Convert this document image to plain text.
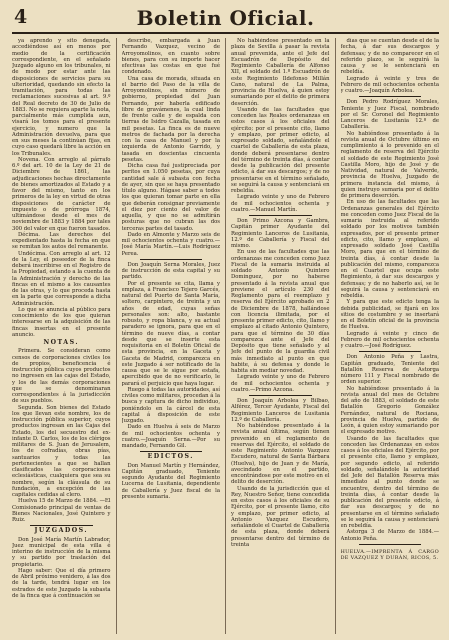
4	Boletin Oficial.

ya aprendo y sito denegada, accediéndose así en menos por medio de la certificación correspondiente, en el señalado Juzgado alguno en los tribunales, ni de modo por estar ante las disposiciones de servicios para su ulterioridad, quedando sin efecto la tramitación, para todas las reclamaciones sucesivas al art. 9.º del Real decreto de 30 de Julio de 1883. No se requiera aparte la nota, parcialmente más cumplida aun, visará los tomos para el presente ejercicio, y numero que la Administración devuelva, para que en sus meses la continúan fijas, en cuyo caso quedará libre la acción en los Tribunales.

Novena. Con arreglo al párrafo 6.º del art. 10 de la Ley de 21 de Diciembre de 1861, las adjudicaciones hechas directamente de bienes amortizados al Estado y a favor del mismo, tanto en los primeros de la ley en virtud de otras disposiciones de carácter de impuesto o de prórroga 1874, ultimándose desde el mes de noviembre de 1883 y 1884 por tales 300 del valor en que fueron tasados.

Décima. Las derechos del expedientado hasta la fecha en que se remitan los autos del remanente.

Undécima. Con arreglo al art. 12 de la Ley, el poseedor de la finca deberá inscribirse en el Registro de la Propiedad, estando a la cuenta de la Administración y derecho de las fincas en el mismo a los causantes de las otras, y lo que proceda hasta en la parte que corresponde a dicha Administración.

Lo que se anuncia al público para conocimiento de los que quieran interesarse en la adquisición de las fincas insertas en el presente anuncio.

NOTAS.

Primera. Se consideran como censos de corporaciones civiles los de propios, beneficencia é instrucción pública cuyos productos no ingresen en las cajas del Estado, y los de las demás corporaciones que se denominaran correspondientes á la jurisdicción de sus pueblos.

Segunda. Son bienes del Estado los que llevan este nombre, los de instrucción pública superior, cuyos productos ingresan en las Cajas del Estado, los del secuestro del ex-infante D. Carlos, los de los clérigos militares de S. Juan de Jerusalem, los de cofradías, obras pías, santuarios y todas las pertenecientes a que se hallan clasificados las corporaciones eclesiásticas, cualquiera que sea su nombre, según la cláusula de su fundación, a excepción de las capitales cedidas al clero.

Huelva 15 de Marzo de 1884. —El Comisionado principal de ventas de Bienes Nacionales, José Quintero y Ruiz.

JUZGADOS.

Don José María Martín Labrador, Juez municipal de esta villa é interino de instrucción de la misma y su partido por traslación del propietario.

Hago saber: Que el día primero de Abril próximo venidero, á las dos de la tarde, tendrá lugar en los estrados de este Juzgado la subasta de la finca que á continuación se

describe, embargada á Juan Fernando Vazquez, vecino de Arroyomolinos, en cuanto sobre bienes, para con su importe hacer efectivas las costas en que fué condenado.

Una casa de morada, situada en el barrio del Paso de la villa de Arroyomolinos, sin número de gobierno, propiedad del Juan Fernando, por haberla edificado libre de gravámenes, la cual linda de frente calle y de espalda con tierras de Isidro Cazalla, tasada en mil pesetas. La finca es de nueve metros de fachada por la derecha con la casa de Manuel y por la izquierda de Antonio Garrido, y tasada en doscientas cincuenta pesetas.

Dicha casa fué justipreciada por peritos en 1.050 pesetas, por cuya cantidad sale á subasta con fecha de ayer, sin que se haya presentado título alguno. Hágase saber a todos los que quieran tomar parte en ella que deberán consignar previamente el diez por ciento del valor de aquella, y que no se admitirán posturas que no cubran las dos terceras partes del tasado.

Dado en Almonte y Marzo seis de mil ochocientos ochenta y cuatro.—José María Martín.—Luis Rodríguez Perea.

Don Joaquín Serna Morales, Juez de instrucción de esta capital y su partido.

Por el presente se cita, llama y emplaza, á Francisco Tejero Garcés, natural del Puerto de Santa María, soltero, carpintero, de treinta y un años de edad, cuyas señas personales son: alto, bastante robusto, y ropa blanca, y su actual paradero se ignora, para que en el término de nueve días, a contar desde que se inserte esta requisitoria en el Boletín Oficial de esta provincia, en la Gaceta y Gaceta de Madrid, comparezca en este Juzgado á ser notificado de la causa que se le sigue por estafa, apercibido que de no verificarlo, le parará el perjuicio que haya lugar.

Ruego á todas las autoridades, así civiles como militares, procedan á la busca y captura de dicho individuo, poniéndolo en la cárcel de esta capital á disposición de este Juzgado.

Dado en Huelva á seis de Marzo de mil ochocientos ochenta y cuatro.—Joaquín Serna.—Por su mandado, Fernando Gil.

EDICTOS.

Don Manuel Martín y Hernández, Capitán graduado, Teniente segundo Ayudante del Regimiento Lucerna de Lusitania, dependiente de Caballería y Juez fiscal de la presente sumaria.

No habiéndose presentado en la plaza de Sevilla á pasar la revista anual prevenida, ante el Jefe del Escuadrón de Depósito del Regimiento Caballería de Alfonso XII, el soldado del 1.º Escuadrón de este Regimiento Ildefonso Millán Cano, natural de La Palma, provincia de Huelva, á quien estoy sumariando por el delito de primera deserción.

Usando de las facultades que conceden las Reales ordenanzas en estos casos á los oficiales del ejército; por el presente cito, llamo y emplazo, por primer edicto, al expresado soldado, señalándole el cuartel de Caballería de esta plaza, donde deberá presentarse dentro del término de treinta días, á contar desde la publicación del presente edicto, á dar sus descargos; y de no presentarse en el término señalado, se seguirá la causa y sentenciará en rebeldía.

Legrado veinte y uno de Febrero de mil ochocientos ochenta y cuatro.—Manuel Martín.

Don Primo Azcona y Gambra, Capitán primer Ayudante del Regimiento Lanceros de Lusitania, 12.º de Caballería y Fiscal del mismo.

En uso de las facultades que las ordenanzas me conceden como Juez Fiscal de la sumaria instruida al soldado Antonio Quintero Dominguez, por no haberse presentado á la revista anual que previene el artículo 230 del Reglamento para el reemplazo y reserva del Ejército aprobado en 2 de Diciembre de 1878, hallándose con licencia ilimitada, por el presente primer edicto, cito, llamo y emplazo al citado Antonio Quintero, para que el término de 30 días comparezca ante el Jefe del Depósito que tiene señalado y al Jefe del punto de la guardia civil más inmediato al punto en que habite, á su defensa y donde le habita sin mediar novedad.

Legrado veinte y uno de Febrero de mil ochocientos ochenta y cuatro.—Primo Azcona.

Don Joaquín Arbolea y Bilbao, Alférez, Tercer Ayudante, Fiscal del Regimiento Lanceros de Lusitania 12.º de Caballería.

No habiéndose presentado á la revista anual última, según tienen prevenido en el reglamento de reservas del Ejército, el soldado de este Regimiento Antonio Vazquez Escudero, natural de Santa Bárbara (Huelva), hijo de Juan y de María, avecindado en el partido, encontrándose por este motivo en el delito de deserción.

Usando de la jurisdicción que el Rey, Nuestro Señor, tiene concedida en estos casos á los oficiales de su Ejército, por el presente llamo, cito y emplazo, por primer edicto, al Antonio Vazquez Escudero, señalándole el Cuartel de Caballería de esta plaza, donde deberá presentarse dentro del término de treinta

días que se cuentan desde el de la fecha, á dar sus descargos y defensas; y de no comparecer en el referido plazo, se le seguirá la causa y se le sentenciará en rebeldía.

Legrado á veinte y tres de Febrero de mil ochocientos ochenta y cuatro.—Joaquín Arbolea.

Don Pedro Rodríguez Morales, Teniente y Juez Fiscal, nombrado por el Sr. Coronel del Regimiento Lanceros de Lusitania 12.º de Caballería.

No habiéndose presentado á la revista anual de Octubre último en cumplimiento á lo prevenido en el reglamento de reserva del Ejército el soldado de este Regimiento José Castilla Moro, hijo de José y de Natividad, natural de Valverde, provincia de Huelva, Juzgado de primera instancia del mismo, á quien instruyo sumaria por el delito de primera deserción.

En uso de las facultades que las Ordenanzas generales del Ejército me conceden como Juez Fiscal de la sumaria instruida al referido soldado por los motivos también expresados, por el presente primer edicto, cito, llamo y emplazo, al expresado soldado José Castilla Moro, para que en el término de treinta días, á contar desde la publicación del mismo, comparezca en el Cuartel que ocupa este Regimiento, á dar sus descargos y defensas; y de no haberlo así, se le seguirá la causa y sentenciará en rebeldía.

Y para que este edicto tenga la debida publicidad, se fijará en los sitios de costumbre y se insertará en el Boletín oficial de la provincia de Huelva.

Legrado á veinte y cinco de Febrero de mil ochocientos ochenta y cuatro.—José Rodríguez.

Don Antonio Peña y Lastra, Capitán graduado, Teniente del Batallón Reserva de Astorga número 111 y Fiscal nombrado de orden superior.

No habiéndose presentado á la revista anual del mes de Octubre del año de 1883, el soldado de este Batallón Gregorio González Fernández, natural de Rociana, provincia de Huelva, partido de León, á quien estoy sumariando por el expresado motivo.

Usando de las facultades que conceden las Ordenanzas en estos casos á los oficiales del Ejército, por el presente cito, llamo y emplazo, por segundo edicto, al referido soldado, señalándole la autoridad del Jefe del Batallón Reserva más inmediato al punto donde se encuentre, dentro del término de treinta días, á contar desde la publicación del presente edicto, á dar sus descargos; y de no presentarse en el término señalado se le seguirá la causa y sentenciará en rebeldía.

Astorga 3 de Marzo de 1884.—Antonio Peña.

HUELVA.—IMPRENTA Á CARGO DE VAZQUEZ Y DURÁN, RICOS, 5.
